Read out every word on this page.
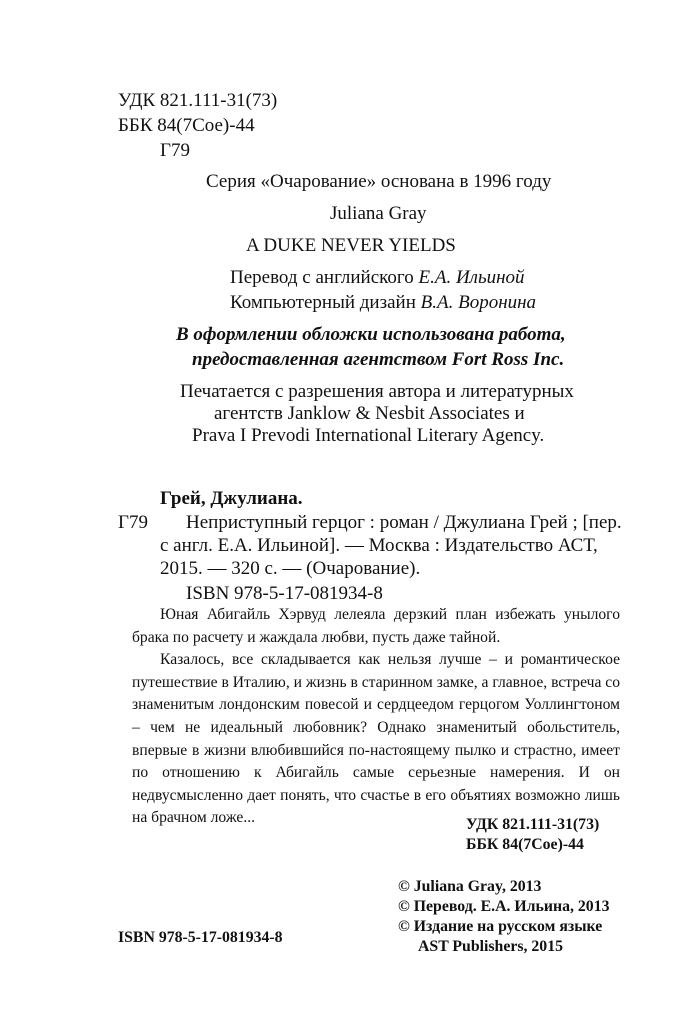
УДК 821.111-31(73)
ББК 84(7Сое)-44
Г79
Серия «Очарование» основана в 1996 году
Juliana Gray
A DUKE NEVER YIELDS
Перевод с английского Е.А. Ильиной
Компьютерный дизайн В.А. Воронина
В оформлении обложки использована работа,
предоставленная агентством Fort Ross Inc.
Печатается с разрешения автора и литературных
агентств Janklow & Nesbit Associates и
Prava I Prevodi International Literary Agency.
Грей, Джулиана.
Г79 Неприступный герцог : роман / Джулиана Грей ; [пер.
с англ. Е.А. Ильиной]. — Москва : Издательство АСТ,
2015. — 320 с. — (Очарование).
ISBN 978-5-17-081934-8

Юная Абигайль Хэрвуд лелеяла дерзкий план избежать унылого брака по расчету и жаждала любви, пусть даже тайной.

Казалось, все складывается как нельзя лучше – и романтическое путешествие в Италию, и жизнь в старинном замке, а главное, встреча со знаменитым лондонским повесой и сердцеедом герцогом Уоллингтоном – чем не идеальный любовник? Однако знаменитый обольститель, впервые в жизни влюбившийся по-настоящему пылко и страстно, имеет по отношению к Абигайль самые серьезные намерения. И он недвусмысленно дает понять, что счастье в его объятиях возможно лишь на брачном ложе...	УДК 821.111-31(73)
ББК 84(7Сое)-44
© Juliana Gray, 2013
© Перевод. Е.А. Ильина, 2013
© Издание на русском языке
AST Publishers, 2015
ISBN 978-5-17-081934-8
